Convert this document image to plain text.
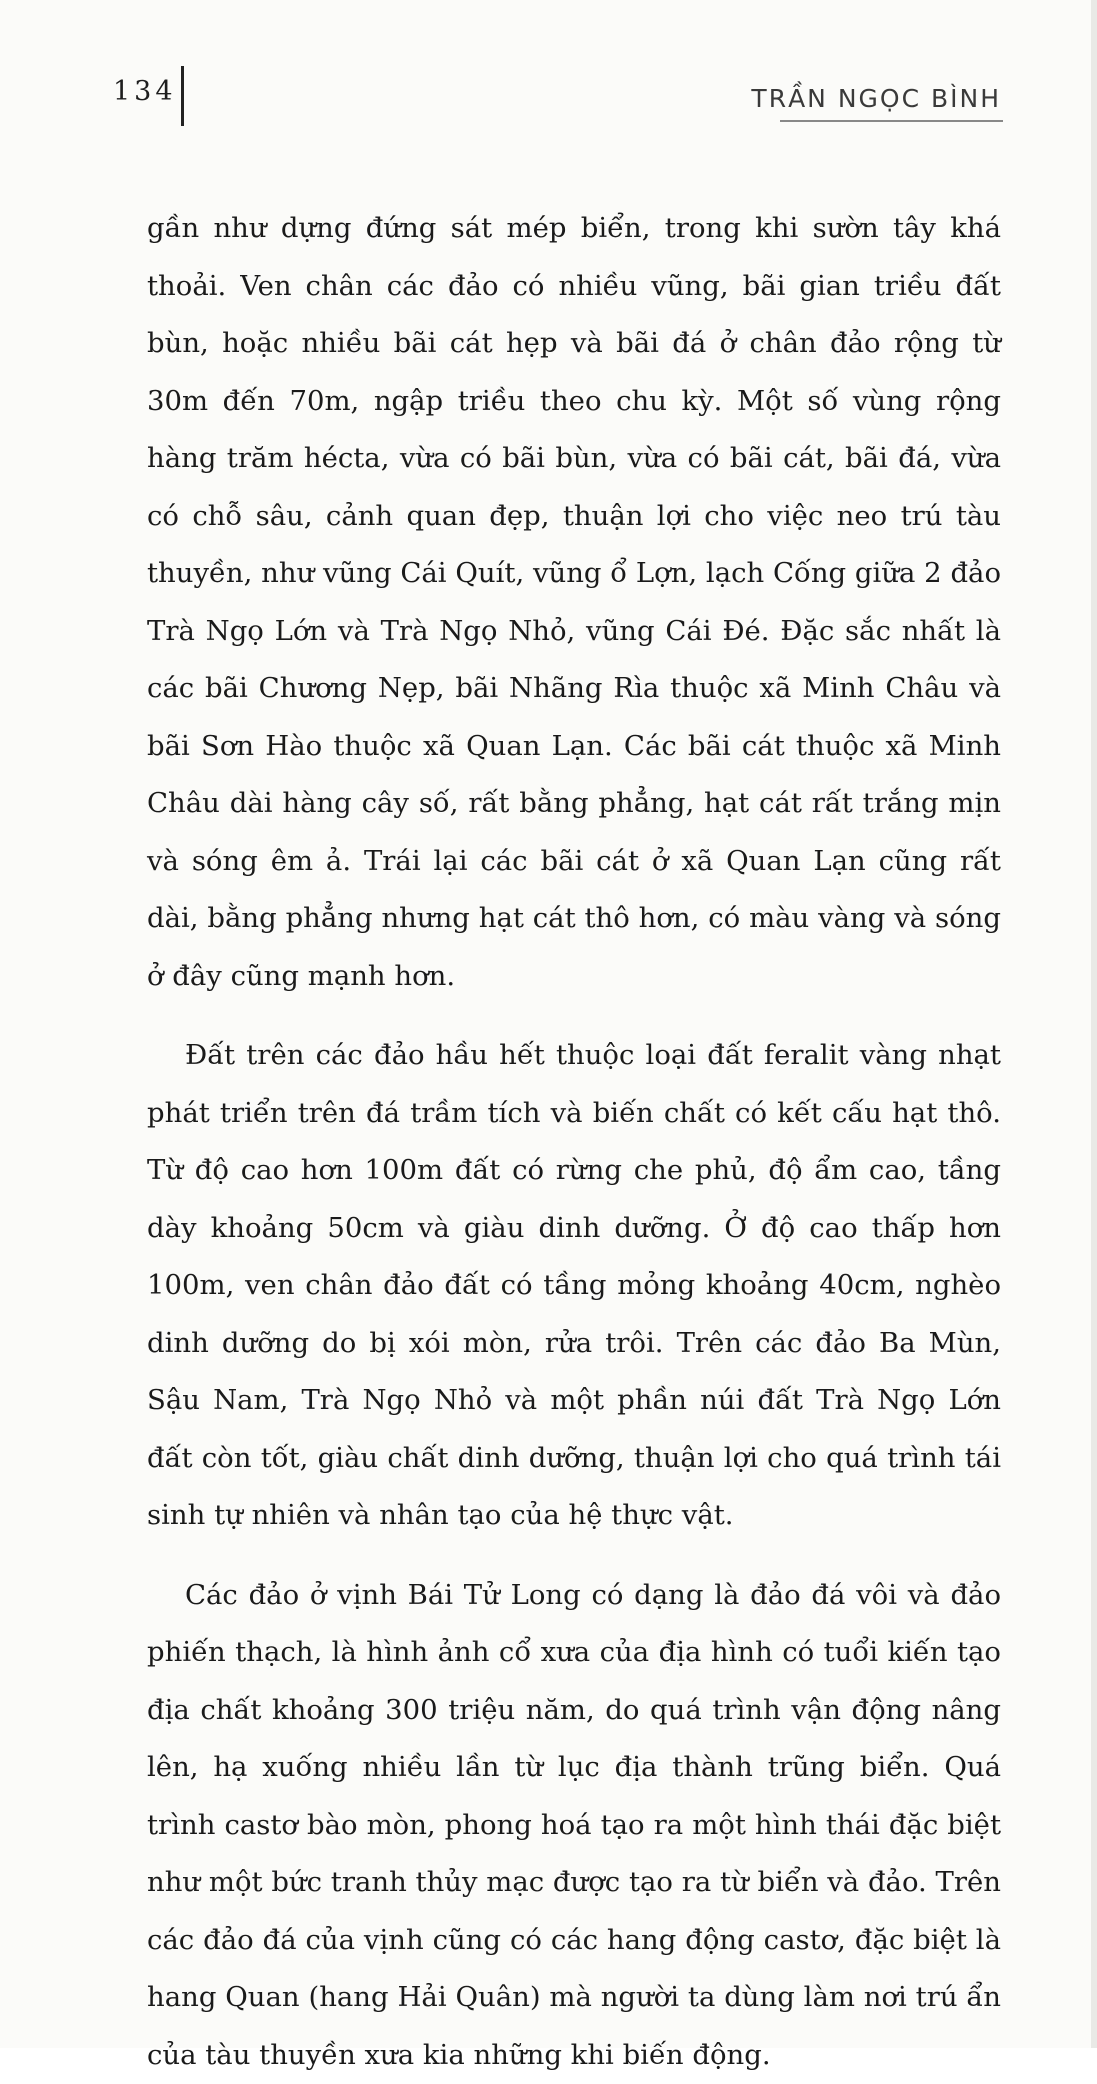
134	TRẦN NGỌC BÌNH

gần như dựng đứng sát mép biển, trong khi sườn tây khá thoải. Ven chân các đảo có nhiều vũng, bãi gian triều đất bùn, hoặc nhiều bãi cát hẹp và bãi đá ở chân đảo rộng từ 30m đến 70m, ngập triều theo chu kỳ. Một số vùng rộng hàng trăm hécta, vừa có bãi bùn, vừa có bãi cát, bãi đá, vừa có chỗ sâu, cảnh quan đẹp, thuận lợi cho việc neo trú tàu thuyền, như vũng Cái Quít, vũng ổ Lợn, lạch Cống giữa 2 đảo Trà Ngọ Lớn và Trà Ngọ Nhỏ, vũng Cái Đé. Đặc sắc nhất là các bãi Chương Nẹp, bãi Nhãng Rìa thuộc xã Minh Châu và bãi Sơn Hào thuộc xã Quan Lạn. Các bãi cát thuộc xã Minh Châu dài hàng cây số, rất bằng phẳng, hạt cát rất trắng mịn và sóng êm ả. Trái lại các bãi cát ở xã Quan Lạn cũng rất dài, bằng phẳng nhưng hạt cát thô hơn, có màu vàng và sóng ở đây cũng mạnh hơn.

Đất trên các đảo hầu hết thuộc loại đất feralit vàng nhạt phát triển trên đá trầm tích và biến chất có kết cấu hạt thô. Từ độ cao hơn 100m đất có rừng che phủ, độ ẩm cao, tầng dày khoảng 50cm và giàu dinh dưỡng. Ở độ cao thấp hơn 100m, ven chân đảo đất có tầng mỏng khoảng 40cm, nghèo dinh dưỡng do bị xói mòn, rửa trôi. Trên các đảo Ba Mùn, Sậu Nam, Trà Ngọ Nhỏ và một phần núi đất Trà Ngọ Lớn đất còn tốt, giàu chất dinh dưỡng, thuận lợi cho quá trình tái sinh tự nhiên và nhân tạo của hệ thực vật.

Các đảo ở vịnh Bái Tử Long có dạng là đảo đá vôi và đảo phiến thạch, là hình ảnh cổ xưa của địa hình có tuổi kiến tạo địa chất khoảng 300 triệu năm, do quá trình vận động nâng lên, hạ xuống nhiều lần từ lục địa thành trũng biển. Quá trình castơ bào mòn, phong hoá tạo ra một hình thái đặc biệt như một bức tranh thủy mạc được tạo ra từ biển và đảo. Trên các đảo đá của vịnh cũng có các hang động castơ, đặc biệt là hang Quan (hang Hải Quân) mà người ta dùng làm nơi trú ẩn của tàu thuyền xưa kia những khi biến động.
